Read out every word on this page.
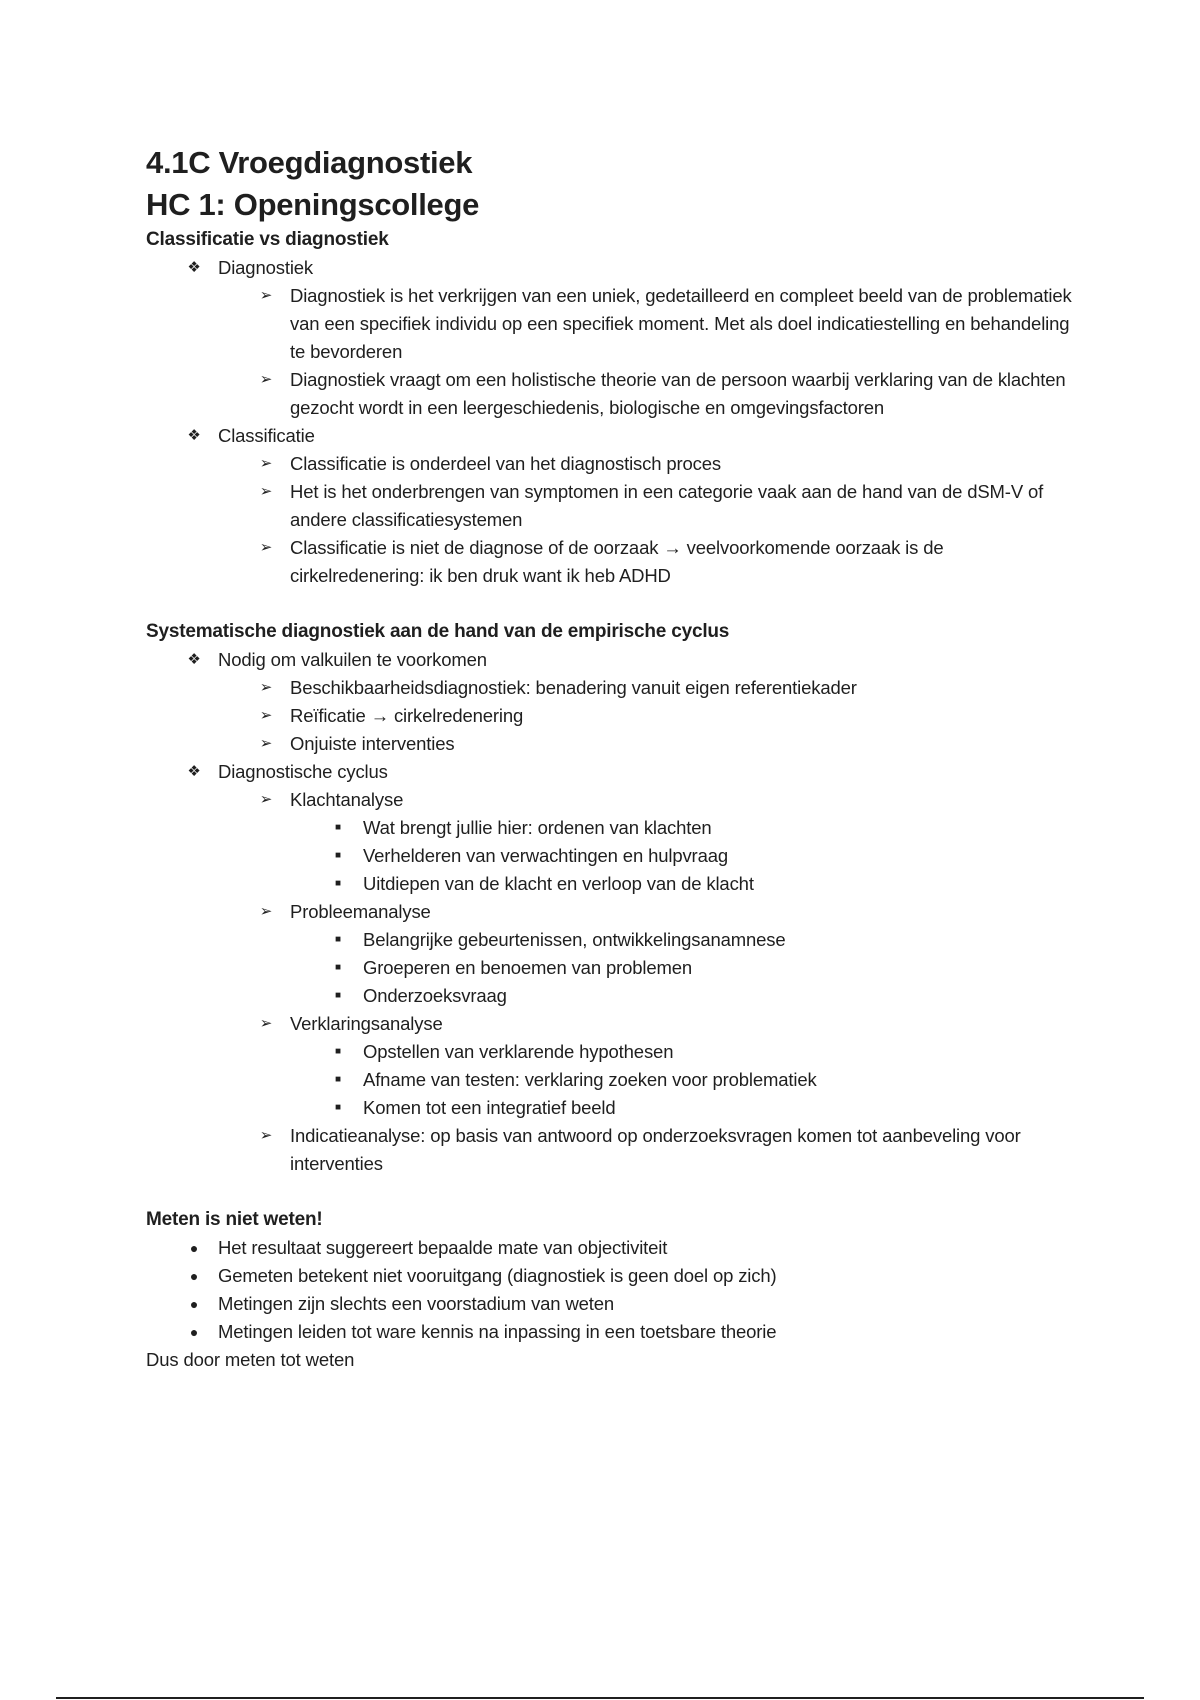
4.1C Vroegdiagnostiek
HC 1: Openingscollege
Classificatie vs diagnostiek
❖ Diagnostiek
➢ Diagnostiek is het verkrijgen van een uniek, gedetailleerd en compleet beeld van de problematiek van een specifiek individu op een specifiek moment. Met als doel indicatiestelling en behandeling te bevorderen
➢ Diagnostiek vraagt om een holistische theorie van de persoon waarbij verklaring van de klachten gezocht wordt in een leergeschiedenis, biologische en omgevingsfactoren
❖ Classificatie
➢ Classificatie is onderdeel van het diagnostisch proces
➢ Het is het onderbrengen van symptomen in een categorie vaak aan de hand van de dSM-V of andere classificatiesystemen
➢ Classificatie is niet de diagnose of de oorzaak → veelvoorkomende oorzaak is de cirkelredenering: ik ben druk want ik heb ADHD
Systematische diagnostiek aan de hand van de empirische cyclus
❖ Nodig om valkuilen te voorkomen
➢ Beschikbaarheidsdiagnostiek: benadering vanuit eigen referentiekader
➢ Reïficatie → cirkelredenering
➢ Onjuiste interventies
❖ Diagnostische cyclus
➢ Klachtanalyse
■	Wat brengt jullie hier: ordenen van klachten
■	Verhelderen van verwachtingen en hulpvraag
■	Uitdiepen van de klacht en verloop van de klacht
➢ Probleemanalyse
■	Belangrijke gebeurtenissen, ontwikkelingsanamnese
■	Groeperen en benoemen van problemen
■	Onderzoeksvraag
➢ Verklaringsanalyse
■	Opstellen van verklarende hypothesen
■	Afname van testen: verklaring zoeken voor problematiek
■	Komen tot een integratief beeld
➢ Indicatieanalyse: op basis van antwoord op onderzoeksvragen komen tot aanbeveling voor interventies
Meten is niet weten!
●	Het resultaat suggereert bepaalde mate van objectiviteit
●	Gemeten betekent niet vooruitgang (diagnostiek is geen doel op zich)
●	Metingen zijn slechts een voorstadium van weten
●	Metingen leiden tot ware kennis na inpassing in een toetsbare theorie

Dus door meten tot weten
